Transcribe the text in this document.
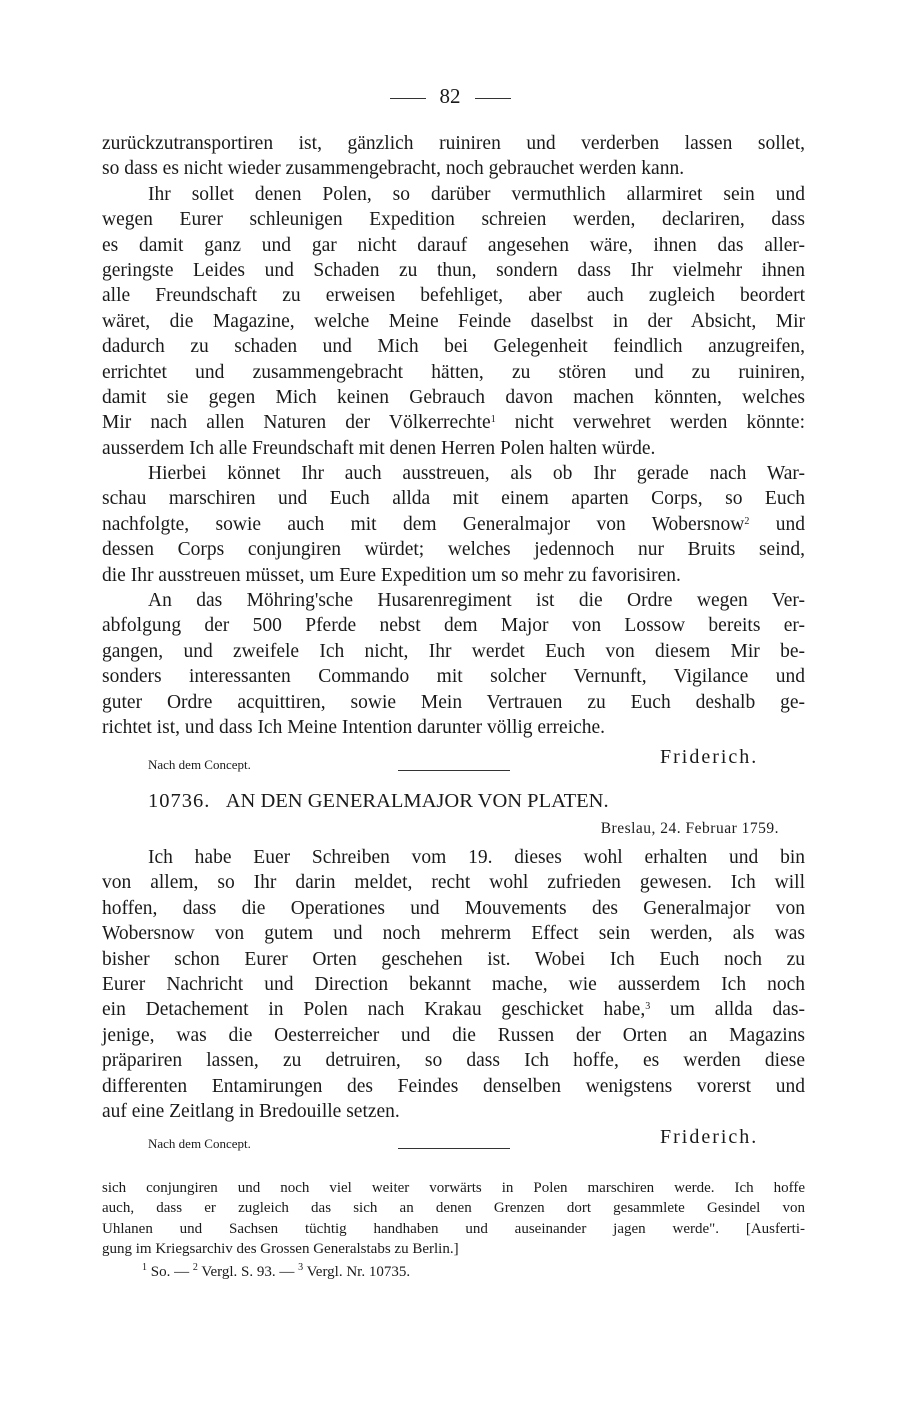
82
zurückzutransportiren ist, gänzlich ruiniren und verderben lassen sollet,
so dass es nicht wieder zusammengebracht, noch gebrauchet werden kann.
Ihr sollet denen Polen, so darüber vermuthlich allarmiret sein und
wegen Eurer schleunigen Expedition schreien werden, declariren, dass
es damit ganz und gar nicht darauf angesehen wäre, ihnen das aller-
geringste Leides und Schaden zu thun, sondern dass Ihr vielmehr ihnen
alle Freundschaft zu erweisen befehliget, aber auch zugleich beordert
wäret, die Magazine, welche Meine Feinde daselbst in der Absicht, Mir
dadurch zu schaden und Mich bei Gelegenheit feindlich anzugreifen,
errichtet und zusammengebracht hätten, zu stören und zu ruiniren,
damit sie gegen Mich keinen Gebrauch davon machen könnten, welches
Mir nach allen Naturen der Völkerrechte$^1$ nicht verwehret werden könnte:
ausserdem Ich alle Freundschaft mit denen Herren Polen halten würde.
Hierbei könnet Ihr auch ausstreuen, als ob Ihr gerade nach War-
schau marschiren und Euch allda mit einem aparten Corps, so Euch
nachfolgte, sowie auch mit dem Generalmajor von Wobersnow$^2$ und
dessen Corps conjungiren würdet; welches jedennoch nur Bruits seind,
die Ihr ausstreuen müsset, um Eure Expedition um so mehr zu favorisiren.
An das Möhring'sche Husarenregiment ist die Ordre wegen Ver-
abfolgung der 500 Pferde nebst dem Major von Lossow bereits er-
gangen, und zweifele Ich nicht, Ihr werdet Euch von diesem Mir be-
sonders interessanten Commando mit solcher Vernunft, Vigilance und
guter Ordre acquittiren, sowie Mein Vertrauen zu Euch deshalb ge-
richtet ist, und dass Ich Meine Intention darunter völlig erreiche.
Nach dem Concept.	Friderich.
10736. AN DEN GENERALMAJOR VON PLATEN.
Breslau, 24. Februar 1759.
Ich habe Euer Schreiben vom 19. dieses wohl erhalten und bin
von allem, so Ihr darin meldet, recht wohl zufrieden gewesen. Ich will
hoffen, dass die Operationes und Mouvements des Generalmajor von
Wobersnow von gutem und noch mehrerm Effect sein werden, als was
bisher schon Eurer Orten geschehen ist. Wobei Ich Euch noch zu
Eurer Nachricht und Direction bekannt mache, wie ausserdem Ich noch
ein Detachement in Polen nach Krakau geschicket habe,$^3$ um allda das-
jenige, was die Oesterreicher und die Russen der Orten an Magazins
präpariren lassen, zu detruiren, so dass Ich hoffe, es werden diese
differenten Entamirungen des Feindes denselben wenigstens vorerst und
auf eine Zeitlang in Bredouille setzen.
Nach dem Concept.	Friderich.
sich conjungiren und noch viel weiter vorwärts in Polen marschiren werde. Ich hoffe
auch, dass er zugleich das sich an denen Grenzen dort gesammlete Gesindel von
Uhlanen und Sachsen tüchtig handhaben und auseinander jagen werde". [Ausferti-
gung im Kriegsarchiv des Grossen Generalstabs zu Berlin.]
$^1$ So. — $^2$ Vergl. S. 93. — $^3$ Vergl. Nr. 10735.
